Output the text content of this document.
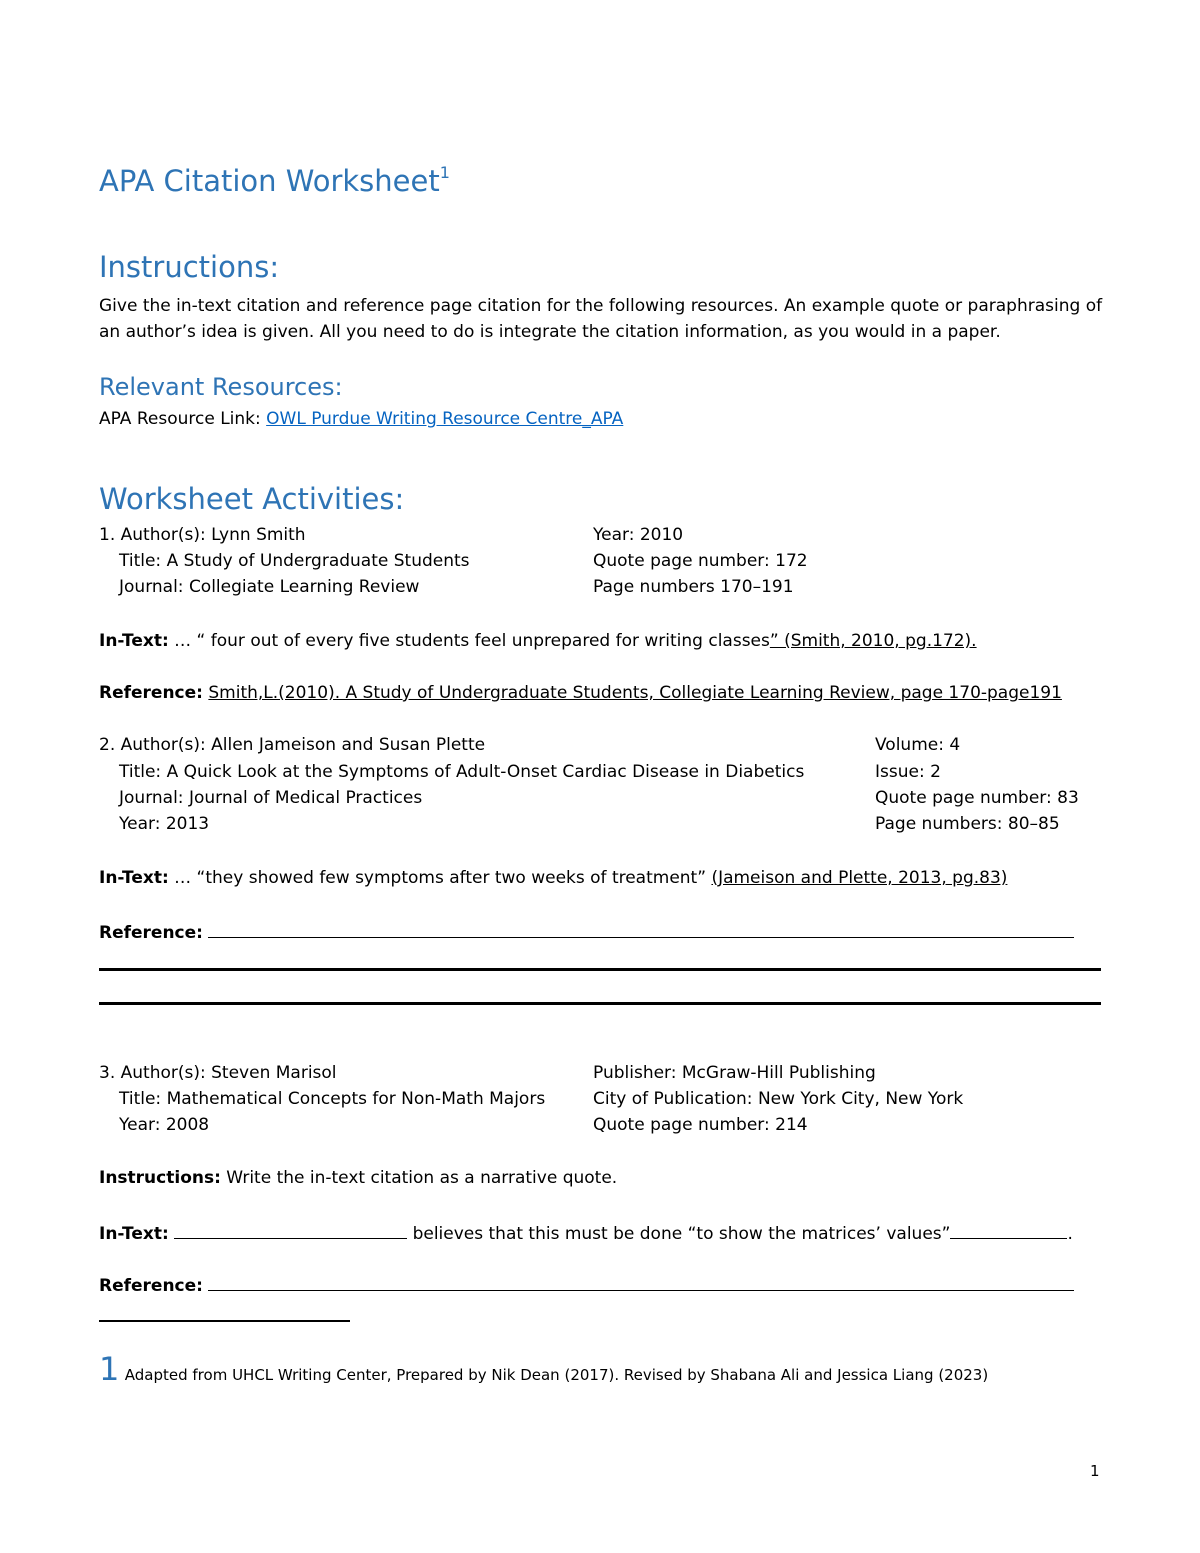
APA Citation Worksheet$^1$
Instructions:
Give the in-text citation and reference page citation for the following resources. An example quote or paraphrasing of an author’s idea is given. All you need to do is integrate the citation information, as you would in a paper.
Relevant Resources:
APA Resource Link: OWL Purdue Writing Resource Centre_APA
Worksheet Activities:
1. Author(s): Lynn Smith
Title: A Study of Undergraduate Students
Journal: Collegiate Learning Review
Year: 2010
Quote page number: 172
Page numbers 170–191
In-Text: … “ four out of every five students feel unprepared for writing classes” (Smith, 2010, pg.172).
Reference: Smith,L.(2010). A Study of Undergraduate Students, Collegiate Learning Review, page 170-page191
2. Author(s): Allen Jameison and Susan Plette
Title: A Quick Look at the Symptoms of Adult-Onset Cardiac Disease in Diabetics
Journal: Journal of Medical Practices
Year: 2013
Volume: 4
Issue: 2
Quote page number: 83
Page numbers: 80–85
In-Text: … “they showed few symptoms after two weeks of treatment” (Jameison and Plette, 2013, pg.83)
Reference:
3. Author(s): Steven Marisol
Title: Mathematical Concepts for Non-Math Majors
Year: 2008
Publisher: McGraw-Hill Publishing
City of Publication: New York City, New York
Quote page number: 214
Instructions: Write the in-text citation as a narrative quote.
In-Text:	believes that this must be done “to show the matrices’ values”	.
Reference:
1 Adapted from UHCL Writing Center, Prepared by Nik Dean (2017). Revised by Shabana Ali and Jessica Liang (2023)
1
